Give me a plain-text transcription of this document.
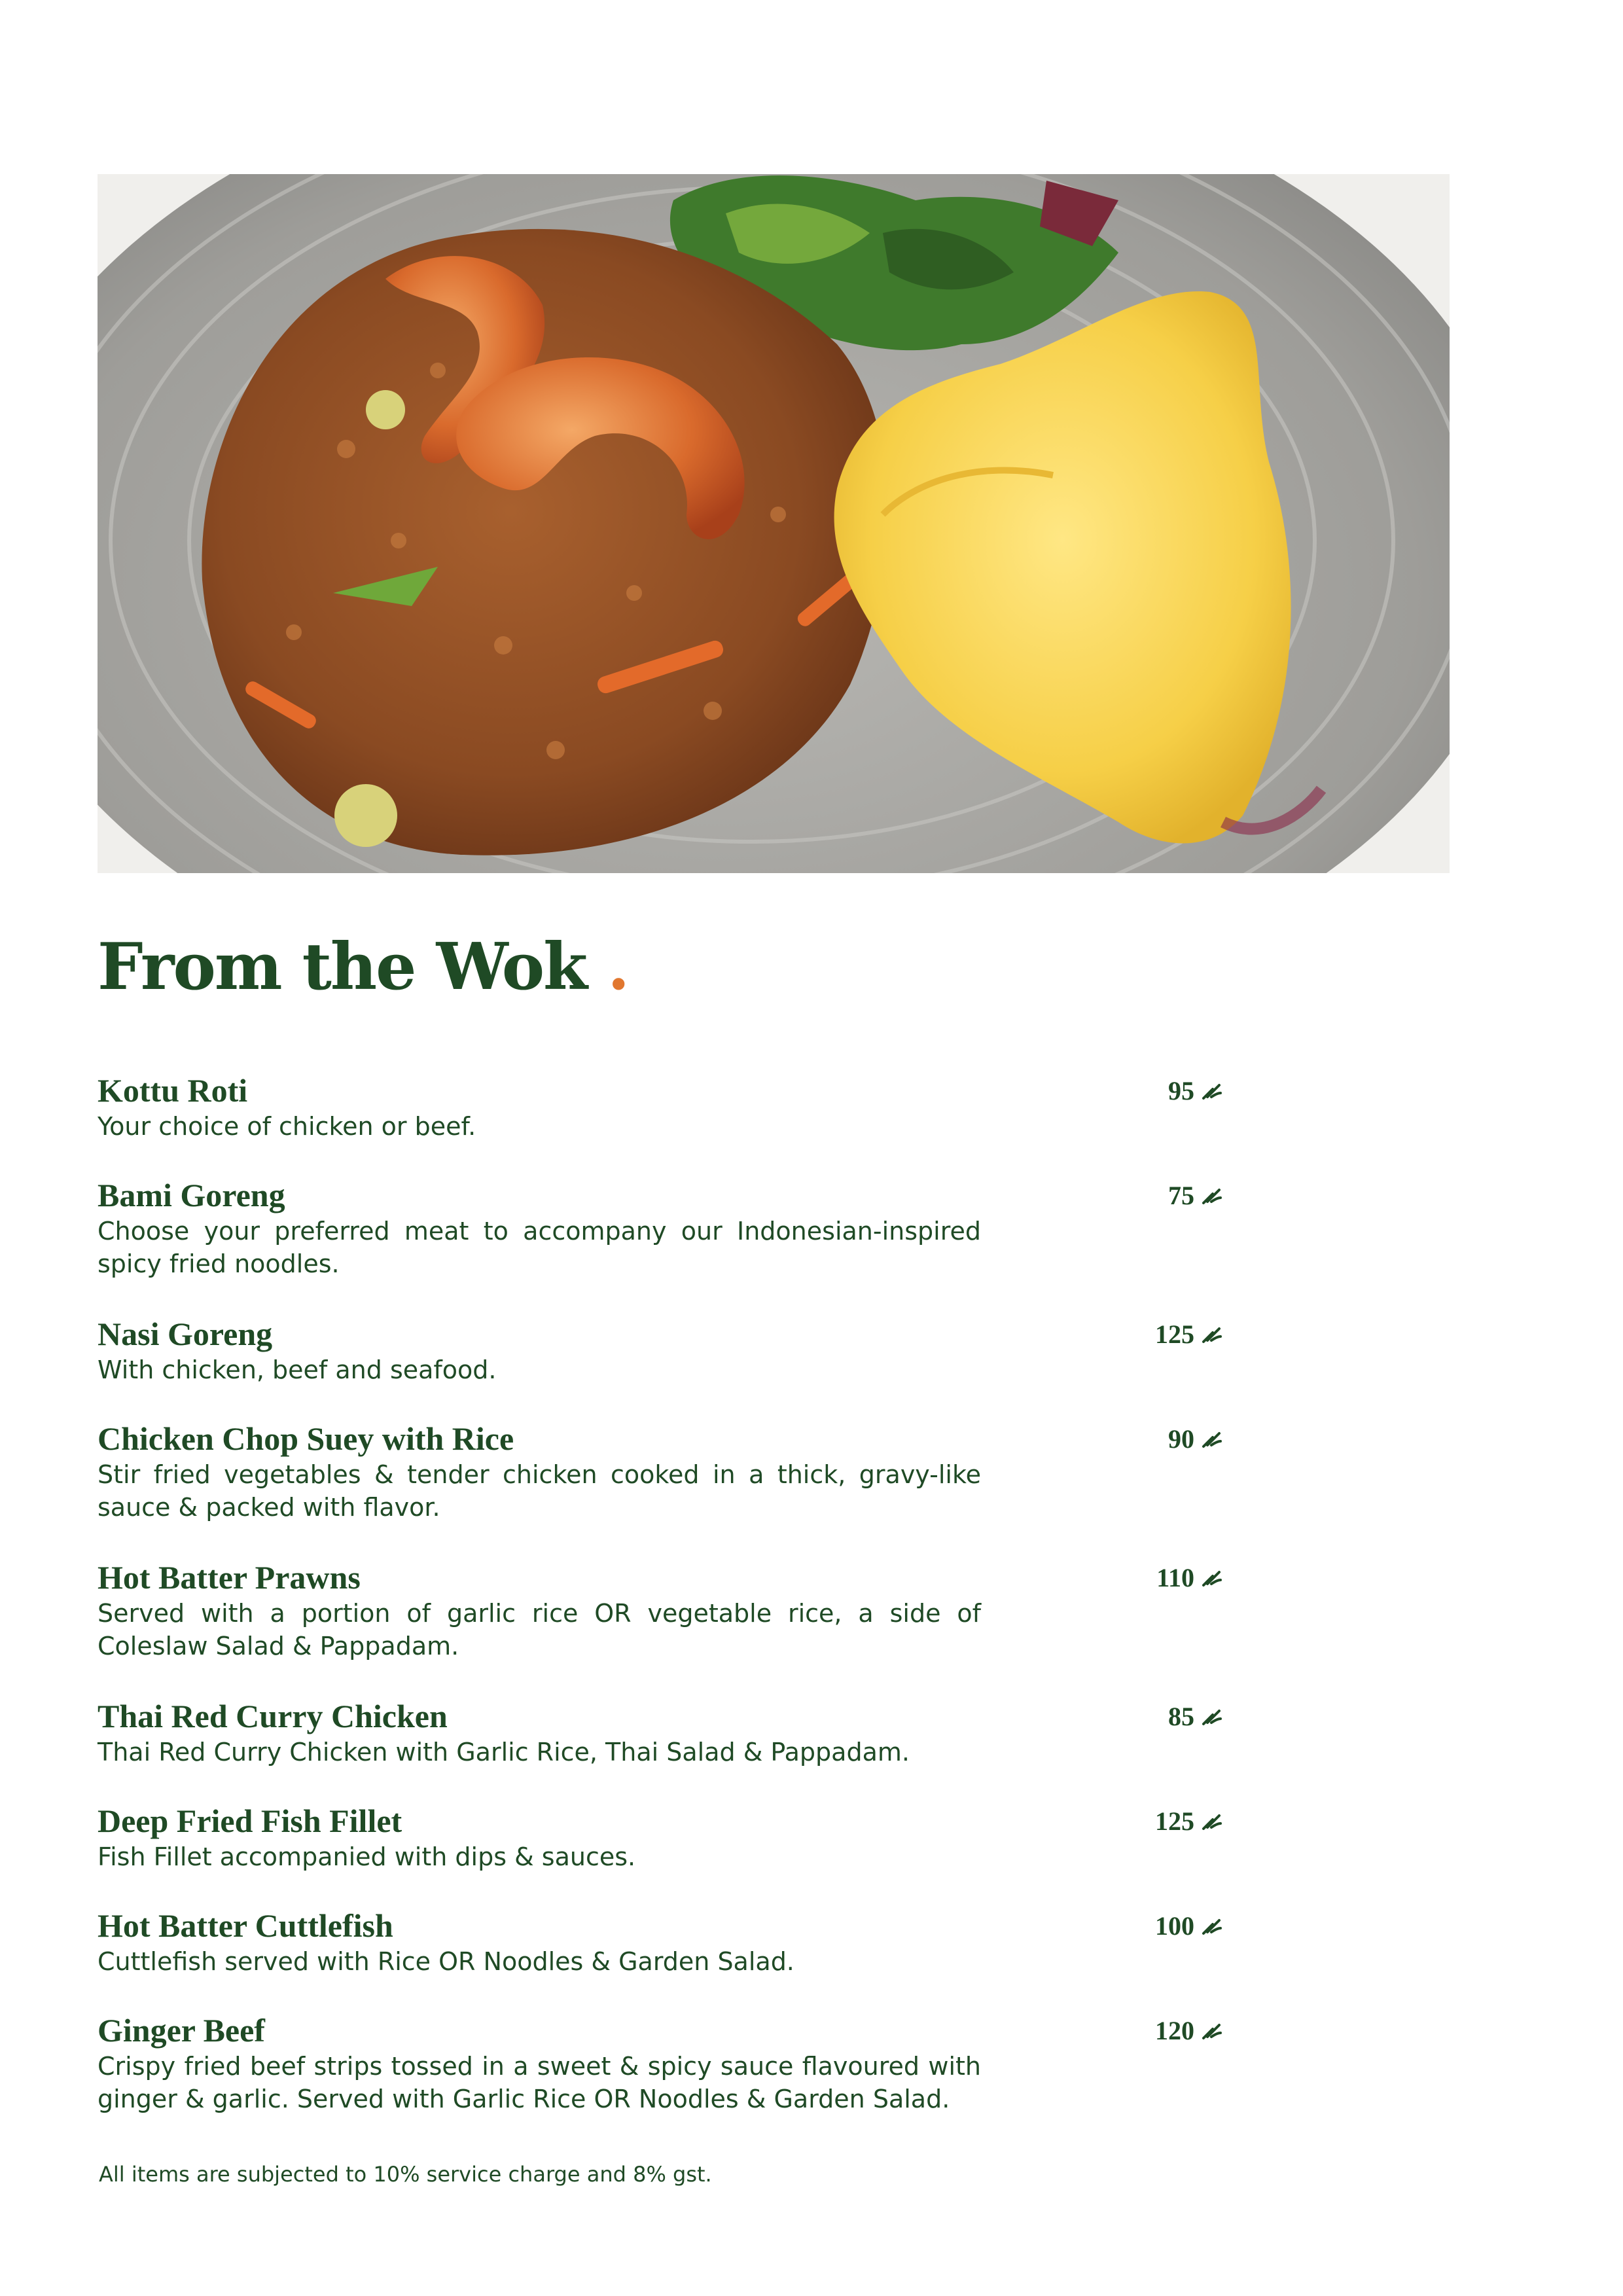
From the Wok .
Kottu Roti
Your choice of chicken or beef.
95
Bami Goreng
Choose your preferred meat to accompany our Indonesian-inspired spicy fried noodles.
75
Nasi Goreng
With chicken, beef and seafood.
125
Chicken Chop Suey with Rice
Stir fried vegetables & tender chicken cooked in a thick, gravy-like sauce & packed with flavor.
90
Hot Batter Prawns
Served with a portion of garlic rice OR vegetable rice, a side of Coleslaw Salad & Pappadam.
110
Thai Red Curry Chicken
Thai Red Curry Chicken with Garlic Rice, Thai Salad & Pappadam.
85
Deep Fried Fish Fillet
Fish Fillet accompanied with dips & sauces.
125
Hot Batter Cuttlefish
Cuttlefish served with Rice OR Noodles & Garden Salad.
100
Ginger Beef
Crispy fried beef strips tossed in a sweet & spicy sauce flavoured with ginger & garlic. Served with Garlic Rice OR Noodles & Garden Salad.
120
All items are subjected to 10% service charge and 8% gst.
